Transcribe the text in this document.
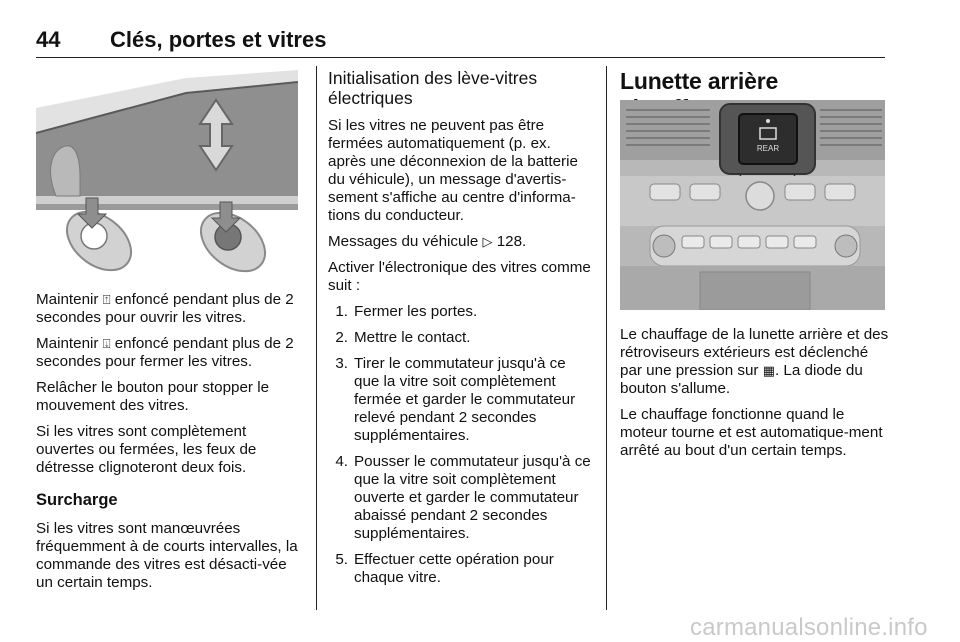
44 Clés, portes et vitres

Maintenir ⍐ enfoncé pendant plus de 2 secondes pour ouvrir les vitres.

Maintenir ⍗ enfoncé pendant plus de 2 secondes pour fermer les vitres.

Relâcher le bouton pour stopper le mouvement des vitres.

Si les vitres sont complètement ouvertes ou fermées, les feux de détresse clignoteront deux fois.

Surcharge

Si les vitres sont manœuvrées fréquemment à de courts intervalles, la commande des vitres est désacti-vée un certain temps.

Initialisation des lève-vitres électriques

Si les vitres ne peuvent pas être fermées automatiquement (p. ex. après une déconnexion de la batterie du véhicule), un message d'avertis-sement s'affiche au centre d'informa-tions du conducteur.

Messages du véhicule ▷ 128.

Activer l'électronique des vitres comme suit :

1. Fermer les portes.
2. Mettre le contact.
3. Tirer le commutateur jusqu'à ce que la vitre soit complètement fermée et garder le commutateur relevé pendant 2 secondes supplémentaires.
4. Pousser le commutateur jusqu'à ce que la vitre soit complètement ouverte et garder le commutateur abaissé pendant 2 secondes supplémentaires.
5. Effectuer cette opération pour chaque vitre.
Lunette arrière
REAR

Le chauffage de la lunette arrière et des rétroviseurs extérieurs est déclenché par une pression sur ▦. La diode du bouton s'allume.

Le chauffage fonctionne quand le moteur tourne et est automatique-ment arrêté au bout d'un certain temps.

carmanualsonline.info
